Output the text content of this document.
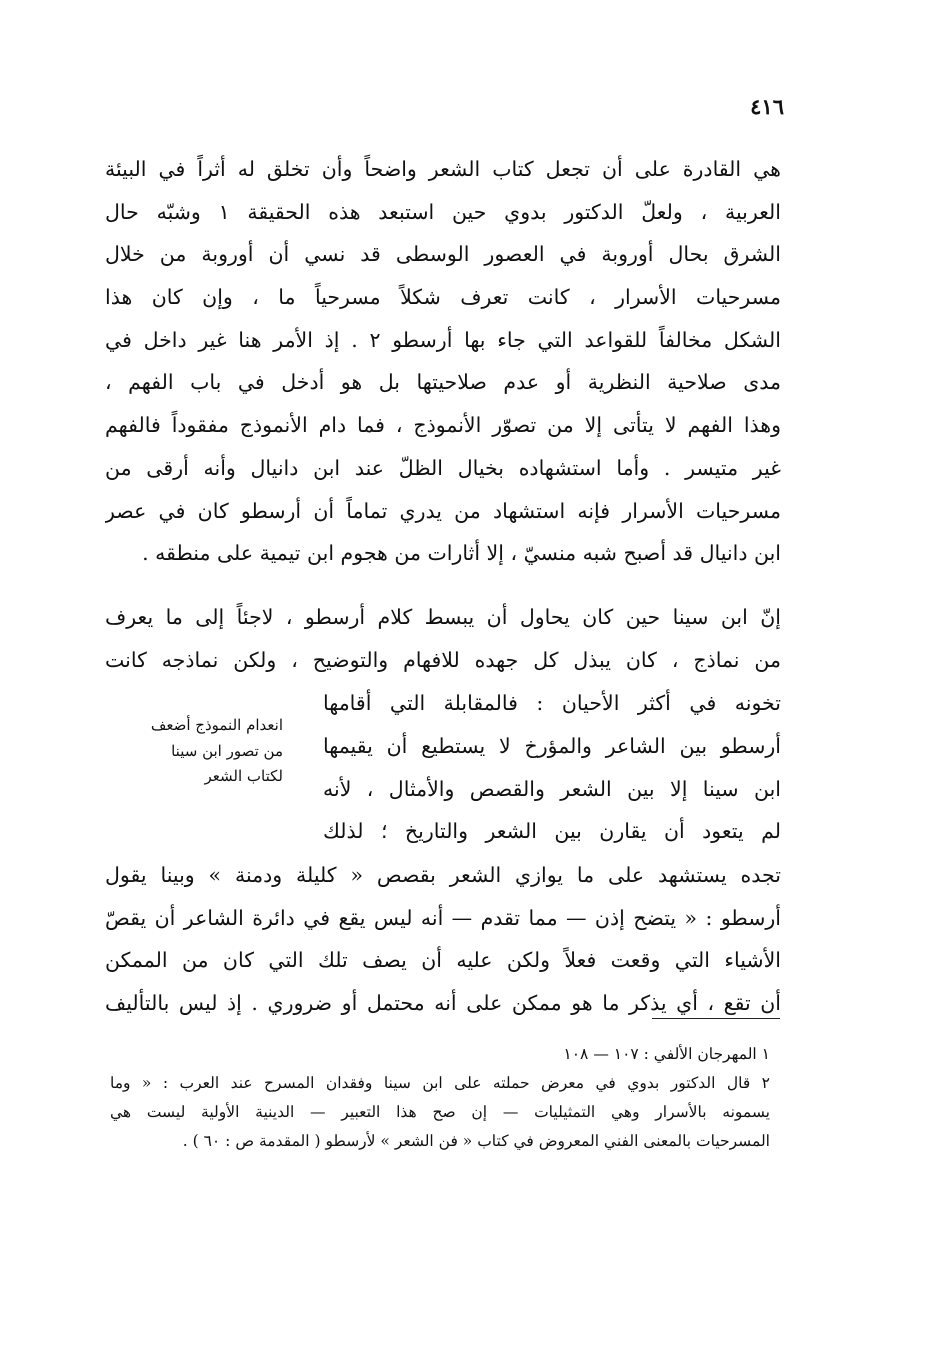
٤١٦
هي القادرة على أن تجعل كتاب الشعر واضحاً وأن تخلق له أثراً في البيئة
العربية ، ولعلّ الدكتور بدوي حين استبعد هذه الحقيقة ١ وشبّه حال
الشرق بحال أوروبة في العصور الوسطى قد نسي أن أوروبة من خلال
مسرحيات الأسرار ، كانت تعرف شكلاً مسرحياً ما ، وإن كان هذا
الشكل مخالفاً للقواعد التي جاء بها أرسطو ٢ . إذ الأمر هنا غير داخل في
مدى صلاحية النظرية أو عدم صلاحيتها بل هو أدخل في باب الفهم ،
وهذا الفهم لا يتأتى إلا من تصوّر الأنموذج ، فما دام الأنموذج مفقوداً فالفهم
غير متيسر . وأما استشهاده بخيال الظلّ عند ابن دانيال وأنه أرقى من
مسرحيات الأسرار فإنه استشهاد من يدري تماماً أن أرسطو كان في عصر
ابن دانيال قد أصبح شبه منسيّ ، إلا أثارات من هجوم ابن تيمية على منطقه .
إنّ ابن سينا حين كان يحاول أن يبسط كلام أرسطو ، لاجئاً إلى ما يعرف
من نماذج ، كان يبذل كل جهده للافهام والتوضيح ، ولكن نماذجه كانت
تخونه في أكثر الأحيان : فالمقابلة التي أقامها
أرسطو بين الشاعر والمؤرخ لا يستطيع أن يقيمها
ابن سينا إلا بين الشعر والقصص والأمثال ، لأنه
لم يتعود أن يقارن بين الشعر والتاريخ ؛ لذلك
انعدام النموذج أضعف
من تصور ابن سينا
لكتاب الشعر
تجده يستشهد على ما يوازي الشعر بقصص « كليلة ودمنة » وبينا يقول
أرسطو : « يتضح إذن — مما تقدم — أنه ليس يقع في دائرة الشاعر أن يقصّ
الأشياء التي وقعت فعلاً ولكن عليه أن يصف تلك التي كان من الممكن
أن تقع ، أي يذكر ما هو ممكن على أنه محتمل أو ضروري . إذ ليس بالتأليف
١ المهرجان الألفي : ١٠٧ — ١٠٨
٢ قال الدكتور بدوي في معرض حملته على ابن سينا وفقدان المسرح عند العرب : « وما
يسمونه بالأسرار وهي التمثيليات — إن صح هذا التعبير — الدينية الأولية ليست هي
المسرحيات بالمعنى الفني المعروض في كتاب « فن الشعر » لأرسطو ( المقدمة ص : ٦٠ ) .
